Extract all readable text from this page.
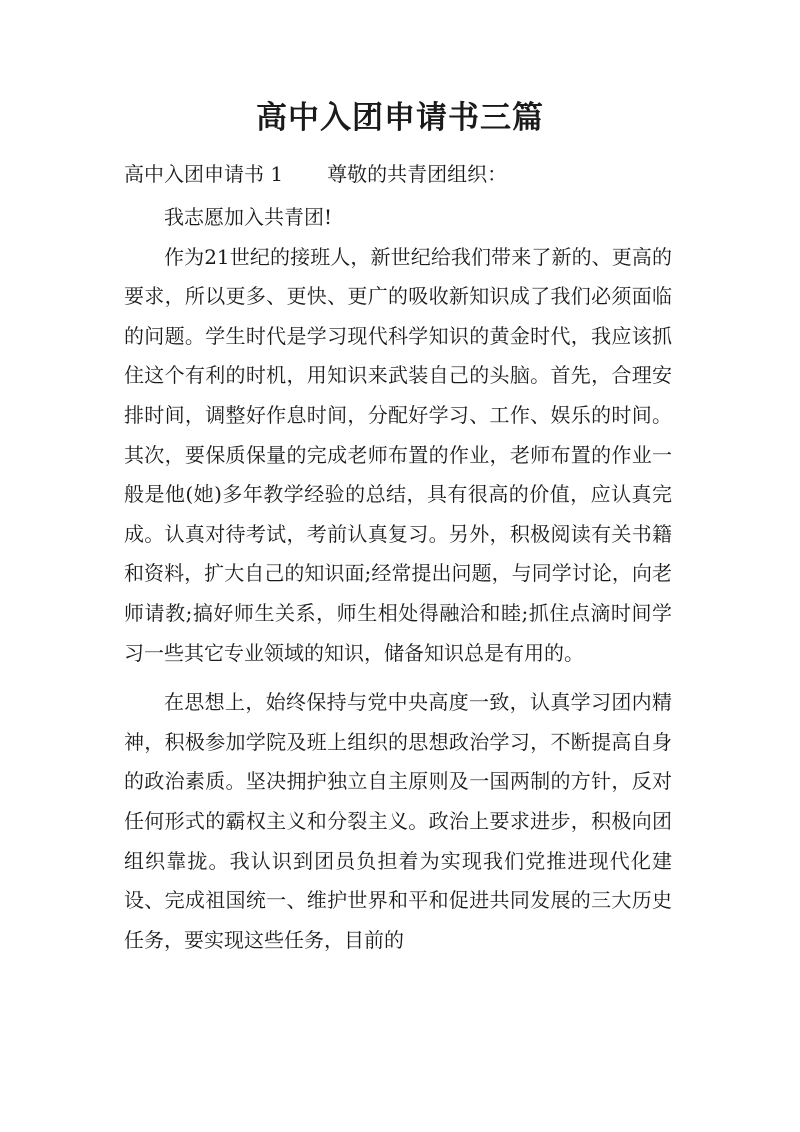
高中入团申请书三篇
高中入团申请书 1 尊敬的共青团组织：

我志愿加入共青团!

作为21世纪的接班人，新世纪给我们带来了新的、更高的要求，所以更多、更快、更广的吸收新知识成了我们必须面临的问题。学生时代是学习现代科学知识的黄金时代，我应该抓住这个有利的时机，用知识来武装自己的头脑。首先，合理安排时间，调整好作息时间，分配好学习、工作、娱乐的时间。其次，要保质保量的完成老师布置的作业，老师布置的作业一般是他(她)多年教学经验的总结，具有很高的价值，应认真完成。认真对待考试，考前认真复习。另外，积极阅读有关书籍和资料，扩大自己的知识面;经常提出问题，与同学讨论，向老师请教;搞好师生关系，师生相处得融洽和睦;抓住点滴时间学习一些其它专业领域的知识，储备知识总是有用的。

在思想上，始终保持与党中央高度一致，认真学习团内精神，积极参加学院及班上组织的思想政治学习，不断提高自身的政治素质。坚决拥护独立自主原则及一国两制的方针，反对任何形式的霸权主义和分裂主义。政治上要求进步，积极向团组织靠拢。我认识到团员负担着为实现我们党推进现代化建设、完成祖国统一、维护世界和平和促进共同发展的三大历史任务，要实现这些任务，目前的
